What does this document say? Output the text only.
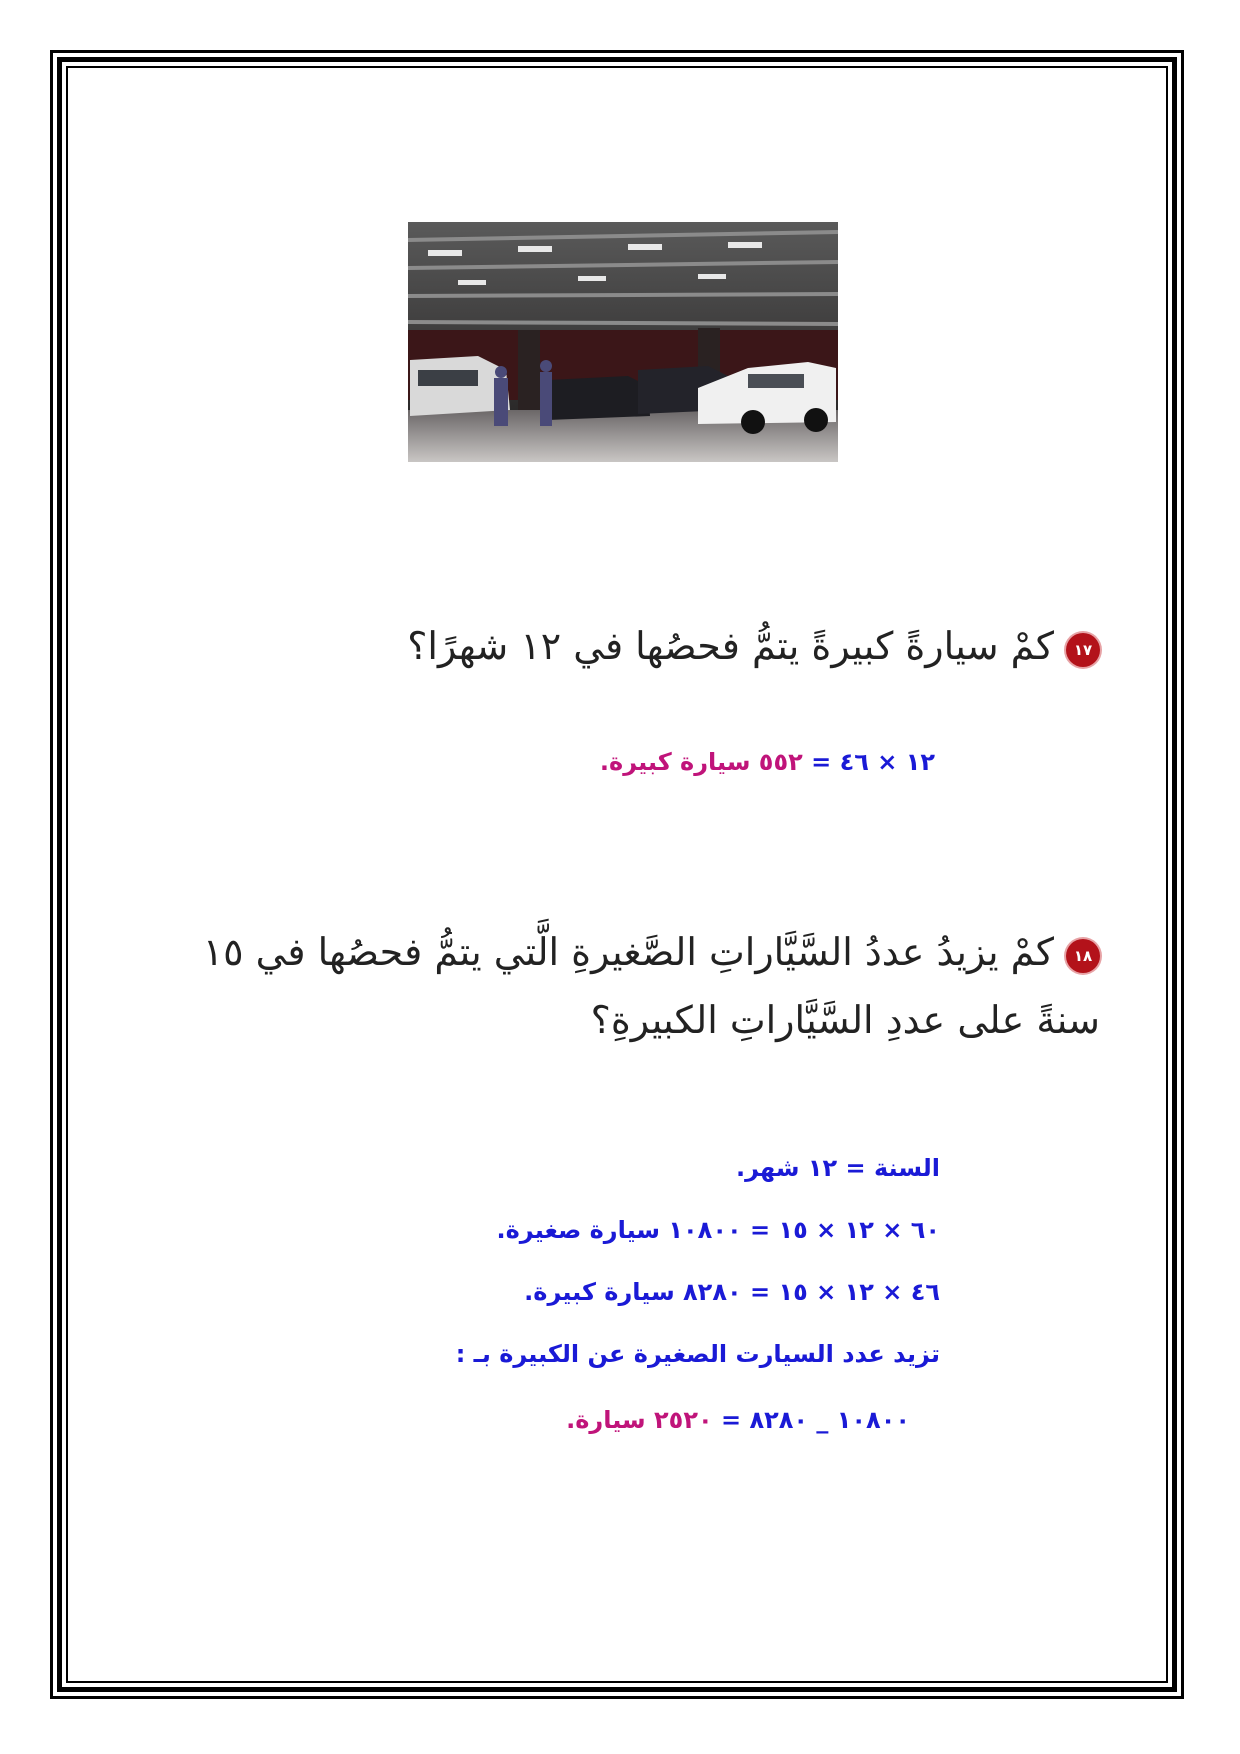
١٧كمْ سيارةً كبيرةً يتمُّ فحصُها في ١٢ شهرًا؟
١٢ × ٤٦ = ٥٥٢ سيارة كبيرة.
١٨كمْ يزيدُ عددُ السَّيَّاراتِ الصَّغيرةِ الَّتي يتمُّ فحصُها في ١٥ سنةً على عددِ السَّيَّاراتِ الكبيرةِ؟
السنة = ١٢ شهر.
٦٠ × ١٢ × ١٥ = ١٠٨٠٠ سيارة صغيرة.
٤٦ × ١٢ × ١٥ = ٨٢٨٠ سيارة كبيرة.
تزيد عدد السيارت الصغيرة عن الكبيرة بـ :
١٠٨٠٠ _ ٨٢٨٠ = ٢٥٢٠ سيارة.
